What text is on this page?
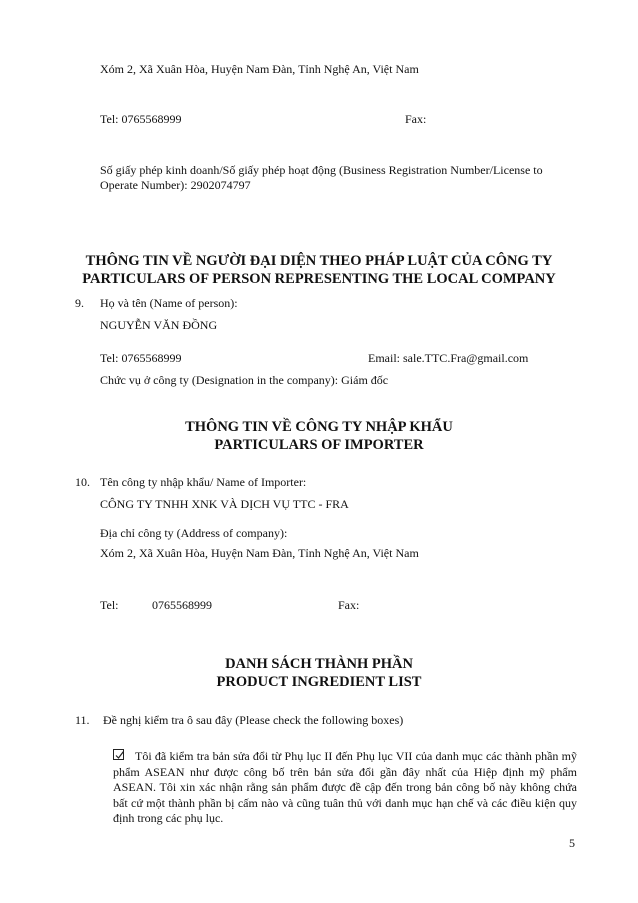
Xóm 2, Xã Xuân Hòa, Huyện Nam Đàn, Tỉnh Nghệ An, Việt Nam
Tel: 0765568999	Fax:
Số giấy phép kinh doanh/Số giấy phép hoạt động (Business Registration Number/License to
Operate Number): 2902074797
THÔNG TIN VỀ NGƯỜI ĐẠI DIỆN THEO PHÁP LUẬT CỦA CÔNG TY
PARTICULARS OF PERSON REPRESENTING THE LOCAL COMPANY
9. Họ và tên (Name of person):
NGUYỄN VĂN ĐỒNG
Tel: 0765568999	Email: sale.TTC.Fra@gmail.com
Chức vụ ở công ty (Designation in the company): Giám đốc
THÔNG TIN VỀ CÔNG TY NHẬP KHẨU
PARTICULARS OF IMPORTER
10. Tên công ty nhập khẩu/ Name of Importer:
CÔNG TY TNHH XNK VÀ DỊCH VỤ TTC - FRA
Địa chỉ công ty (Address of company):
Xóm 2, Xã Xuân Hòa, Huyện Nam Đàn, Tỉnh Nghệ An, Việt Nam
Tel:	0765568999	Fax:
DANH SÁCH THÀNH PHẦN
PRODUCT INGREDIENT LIST
11. Đề nghị kiểm tra ô sau đây (Please check the following boxes)
Tôi đã kiểm tra bản sửa đổi từ Phụ lục II đến Phụ lục VII của danh mục các thành phần mỹ phẩm ASEAN như được công bố trên bản sửa đổi gần đây nhất của Hiệp định mỹ phẩm ASEAN. Tôi xin xác nhận rằng sản phẩm được đề cập đến trong bản công bố này không chứa bất cứ một thành phần bị cấm nào và cũng tuân thủ với danh mục hạn chế và các điều kiện quy định trong các phụ lục.
5
